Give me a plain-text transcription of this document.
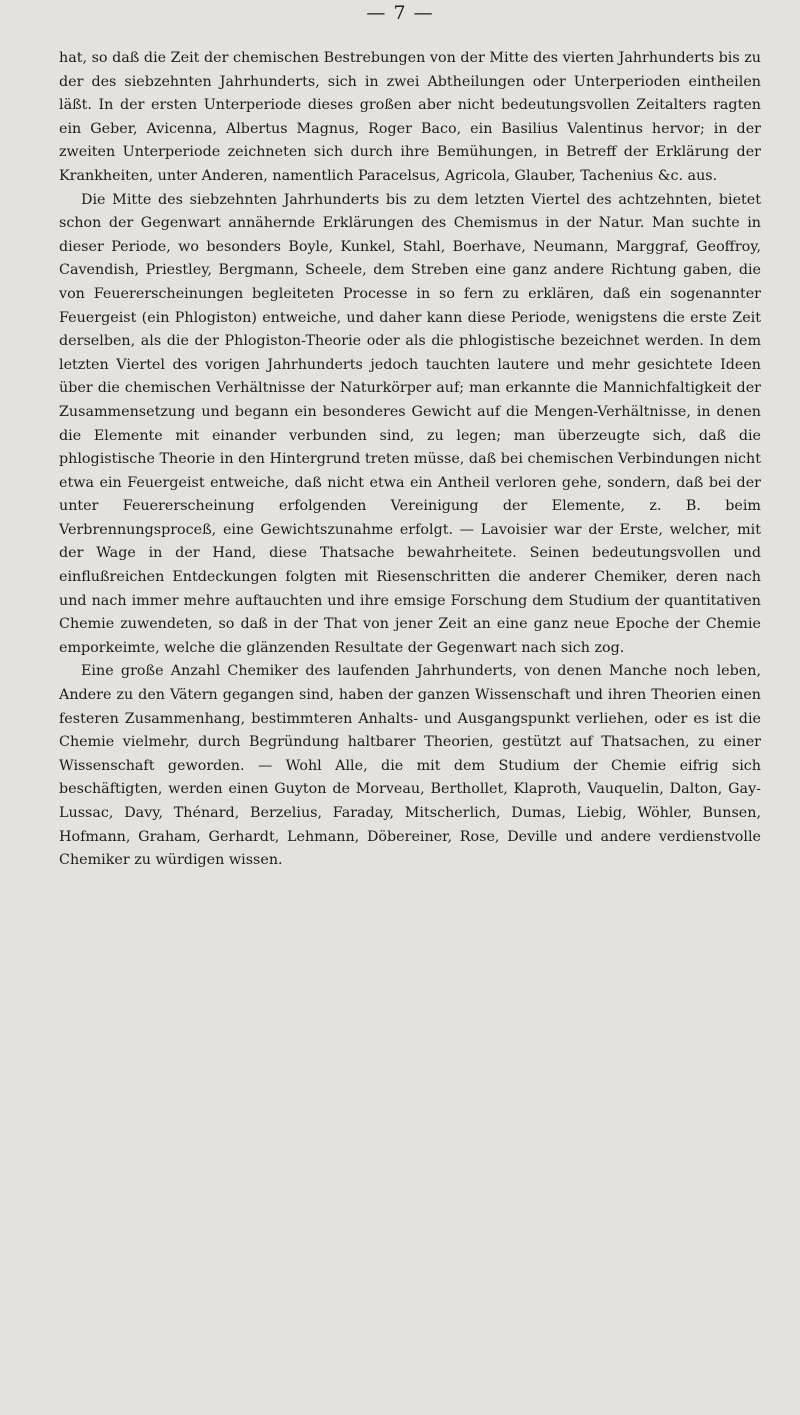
— 7 —

hat, so daß die Zeit der chemischen Bestrebungen von der Mitte des vierten Jahrhunderts bis zu der des siebzehnten Jahrhunderts, sich in zwei Abtheilungen oder Unterperioden eintheilen läßt. In der ersten Unterperiode dieses großen aber nicht bedeutungsvollen Zeitalters ragten ein Geber, Avicenna, Albertus Magnus, Roger Baco, ein Basilius Valentinus hervor; in der zweiten Unterperiode zeichneten sich durch ihre Bemühungen, in Betreff der Erklärung der Krankheiten, unter Anderen, namentlich Paracelsus, Agricola, Glauber, Tachenius &c. aus.

Die Mitte des siebzehnten Jahrhunderts bis zu dem letzten Viertel des achtzehnten, bietet schon der Gegenwart annähernde Erklärungen des Chemismus in der Natur. Man suchte in dieser Periode, wo besonders Boyle, Kunkel, Stahl, Boerhave, Neumann, Marggraf, Geoffroy, Cavendish, Priestley, Bergmann, Scheele, dem Streben eine ganz andere Richtung gaben, die von Feuererscheinungen begleiteten Processe in so fern zu erklären, daß ein sogenannter Feuergeist (ein Phlogiston) entweiche, und daher kann diese Periode, wenigstens die erste Zeit derselben, als die der Phlogiston-Theorie oder als die phlogistische bezeichnet werden. In dem letzten Viertel des vorigen Jahrhunderts jedoch tauchten lautere und mehr gesichtete Ideen über die chemischen Verhältnisse der Naturkörper auf; man erkannte die Mannichfaltigkeit der Zusammensetzung und begann ein besonderes Gewicht auf die Mengen-Verhältnisse, in denen die Elemente mit einander verbunden sind, zu legen; man überzeugte sich, daß die phlogistische Theorie in den Hintergrund treten müsse, daß bei chemischen Verbindungen nicht etwa ein Feuergeist entweiche, daß nicht etwa ein Antheil verloren gehe, sondern, daß bei der unter Feuererscheinung erfolgenden Vereinigung der Elemente, z. B. beim Verbrennungsproceß, eine Gewichtszunahme erfolgt. — Lavoisier war der Erste, welcher, mit der Wage in der Hand, diese Thatsache bewahrheitete. Seinen bedeutungsvollen und einflußreichen Entdeckungen folgten mit Riesenschritten die anderer Chemiker, deren nach und nach immer mehre auftauchten und ihre emsige Forschung dem Studium der quantitativen Chemie zuwendeten, so daß in der That von jener Zeit an eine ganz neue Epoche der Chemie emporkeimte, welche die glänzenden Resultate der Gegenwart nach sich zog.

Eine große Anzahl Chemiker des laufenden Jahrhunderts, von denen Manche noch leben, Andere zu den Vätern gegangen sind, haben der ganzen Wissenschaft und ihren Theorien einen festeren Zusammenhang, bestimmteren Anhalts- und Ausgangspunkt verliehen, oder es ist die Chemie vielmehr, durch Begründung haltbarer Theorien, gestützt auf Thatsachen, zu einer Wissenschaft geworden. — Wohl Alle, die mit dem Studium der Chemie eifrig sich beschäftigten, werden einen Guyton de Morveau, Berthollet, Klaproth, Vauquelin, Dalton, Gay-Lussac, Davy, Thénard, Berzelius, Faraday, Mitscherlich, Dumas, Liebig, Wöhler, Bunsen, Hofmann, Graham, Gerhardt, Lehmann, Döbereiner, Rose, Deville und andere verdienstvolle Chemiker zu würdigen wissen.
